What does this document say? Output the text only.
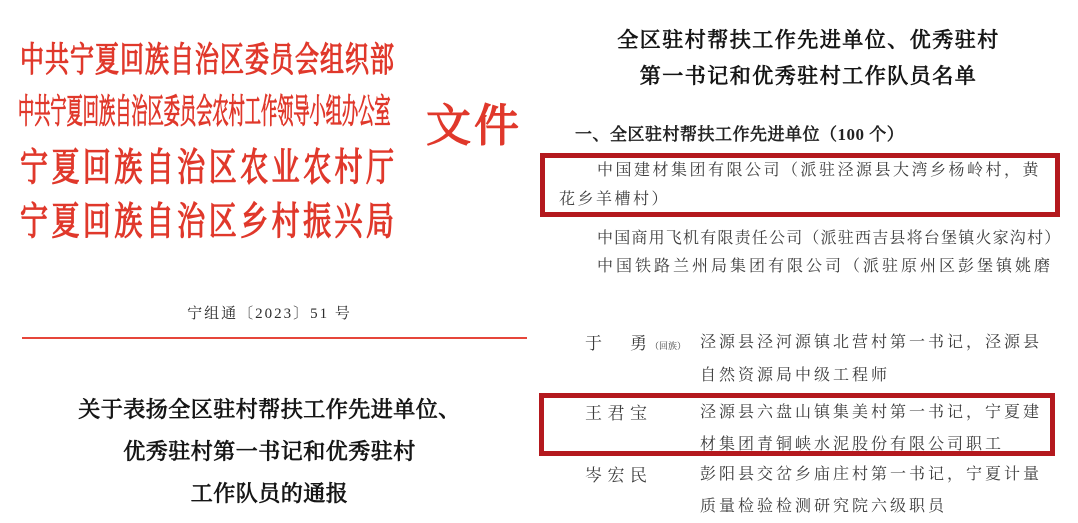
中共宁夏回族自治区委员会组织部
中共宁夏回族自治区委员会农村工作领导小组办公室
宁夏回族自治区农业农村厅
宁夏回族自治区乡村振兴局
文件
宁组通〔2023〕51 号
关于表扬全区驻村帮扶工作先进单位、
优秀驻村第一书记和优秀驻村
工作队员的通报
全区驻村帮扶工作先进单位、优秀驻村
第一书记和优秀驻村工作队员名单
一、全区驻村帮扶工作先进单位（100 个）
中国建材集团有限公司（派驻泾源县大湾乡杨岭村，黄
花乡羊槽村）
中国商用飞机有限责任公司（派驻西吉县将台堡镇火家沟村）
中国铁路兰州局集团有限公司（派驻原州区彭堡镇姚磨
于 勇 （回族） 泾源县泾河源镇北营村第一书记，泾源县
自然资源局中级工程师
王君宝	泾源县六盘山镇集美村第一书记，宁夏建
材集团青铜峡水泥股份有限公司职工
岑宏民	彭阳县交岔乡庙庄村第一书记，宁夏计量
质量检验检测研究院六级职员
